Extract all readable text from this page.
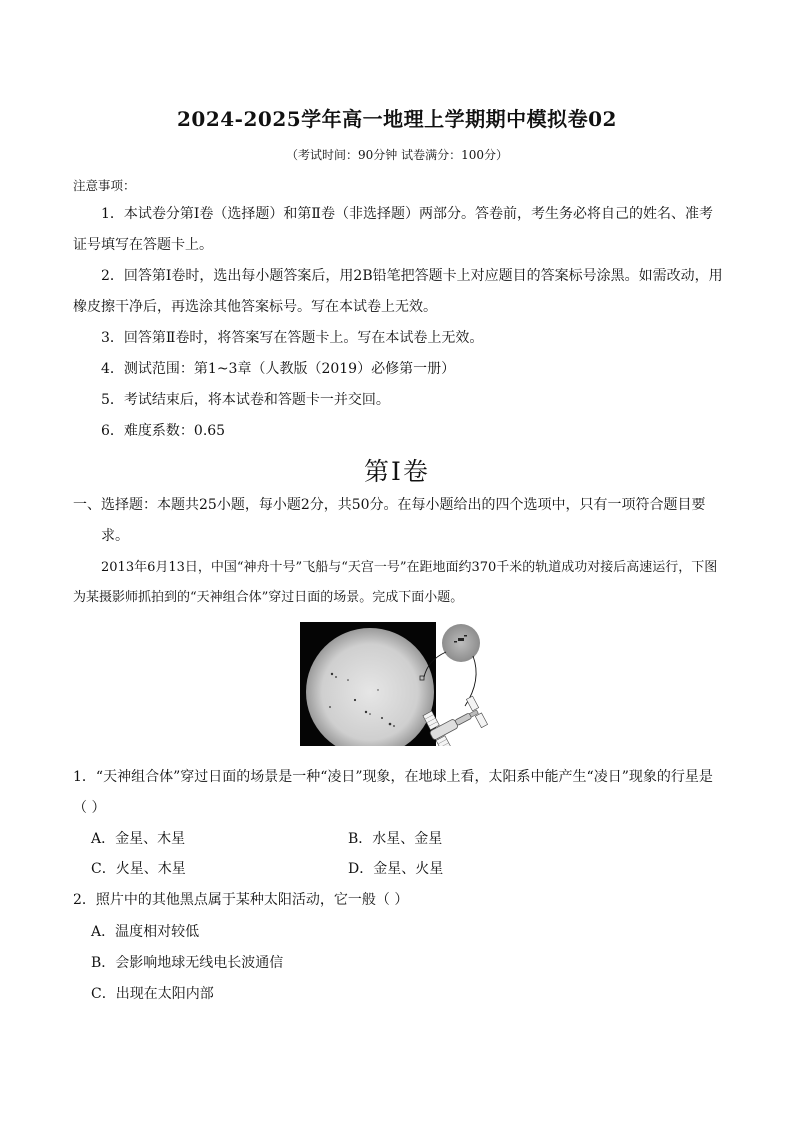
2024-2025学年高一地理上学期期中模拟卷02
（考试时间：90分钟 试卷满分：100分）
注意事项：
1．本试卷分第Ⅰ卷（选择题）和第Ⅱ卷（非选择题）两部分。答卷前，考生务必将自己的姓名、准考证号填写在答题卡上。
2．回答第Ⅰ卷时，选出每小题答案后，用2B铅笔把答题卡上对应题目的答案标号涂黑。如需改动，用橡皮擦干净后，再选涂其他答案标号。写在本试卷上无效。
3．回答第Ⅱ卷时，将答案写在答题卡上。写在本试卷上无效。
4．测试范围：第1~3章（人教版（2019）必修第一册）
5．考试结束后，将本试卷和答题卡一并交回。
6．难度系数：0.65
第Ⅰ卷
一、选择题：本题共25小题，每小题2分，共50分。在每小题给出的四个选项中，只有一项符合题目要求。
2013年6月13日，中国“神舟十号”飞船与“天宫一号”在距地面约370千米的轨道成功对接后高速运行，下图为某摄影师抓拍到的“天神组合体”穿过日面的场景。完成下面小题。
1．“天神组合体”穿过日面的场景是一种“凌日”现象，在地球上看，太阳系中能产生“凌日”现象的行星是（ ）
A．金星、木星	B．水星、金星
C．火星、木星	D．金星、火星
2．照片中的其他黑点属于某种太阳活动，它一般（ ）
A．温度相对较低
B．会影响地球无线电长波通信
C．出现在太阳内部
